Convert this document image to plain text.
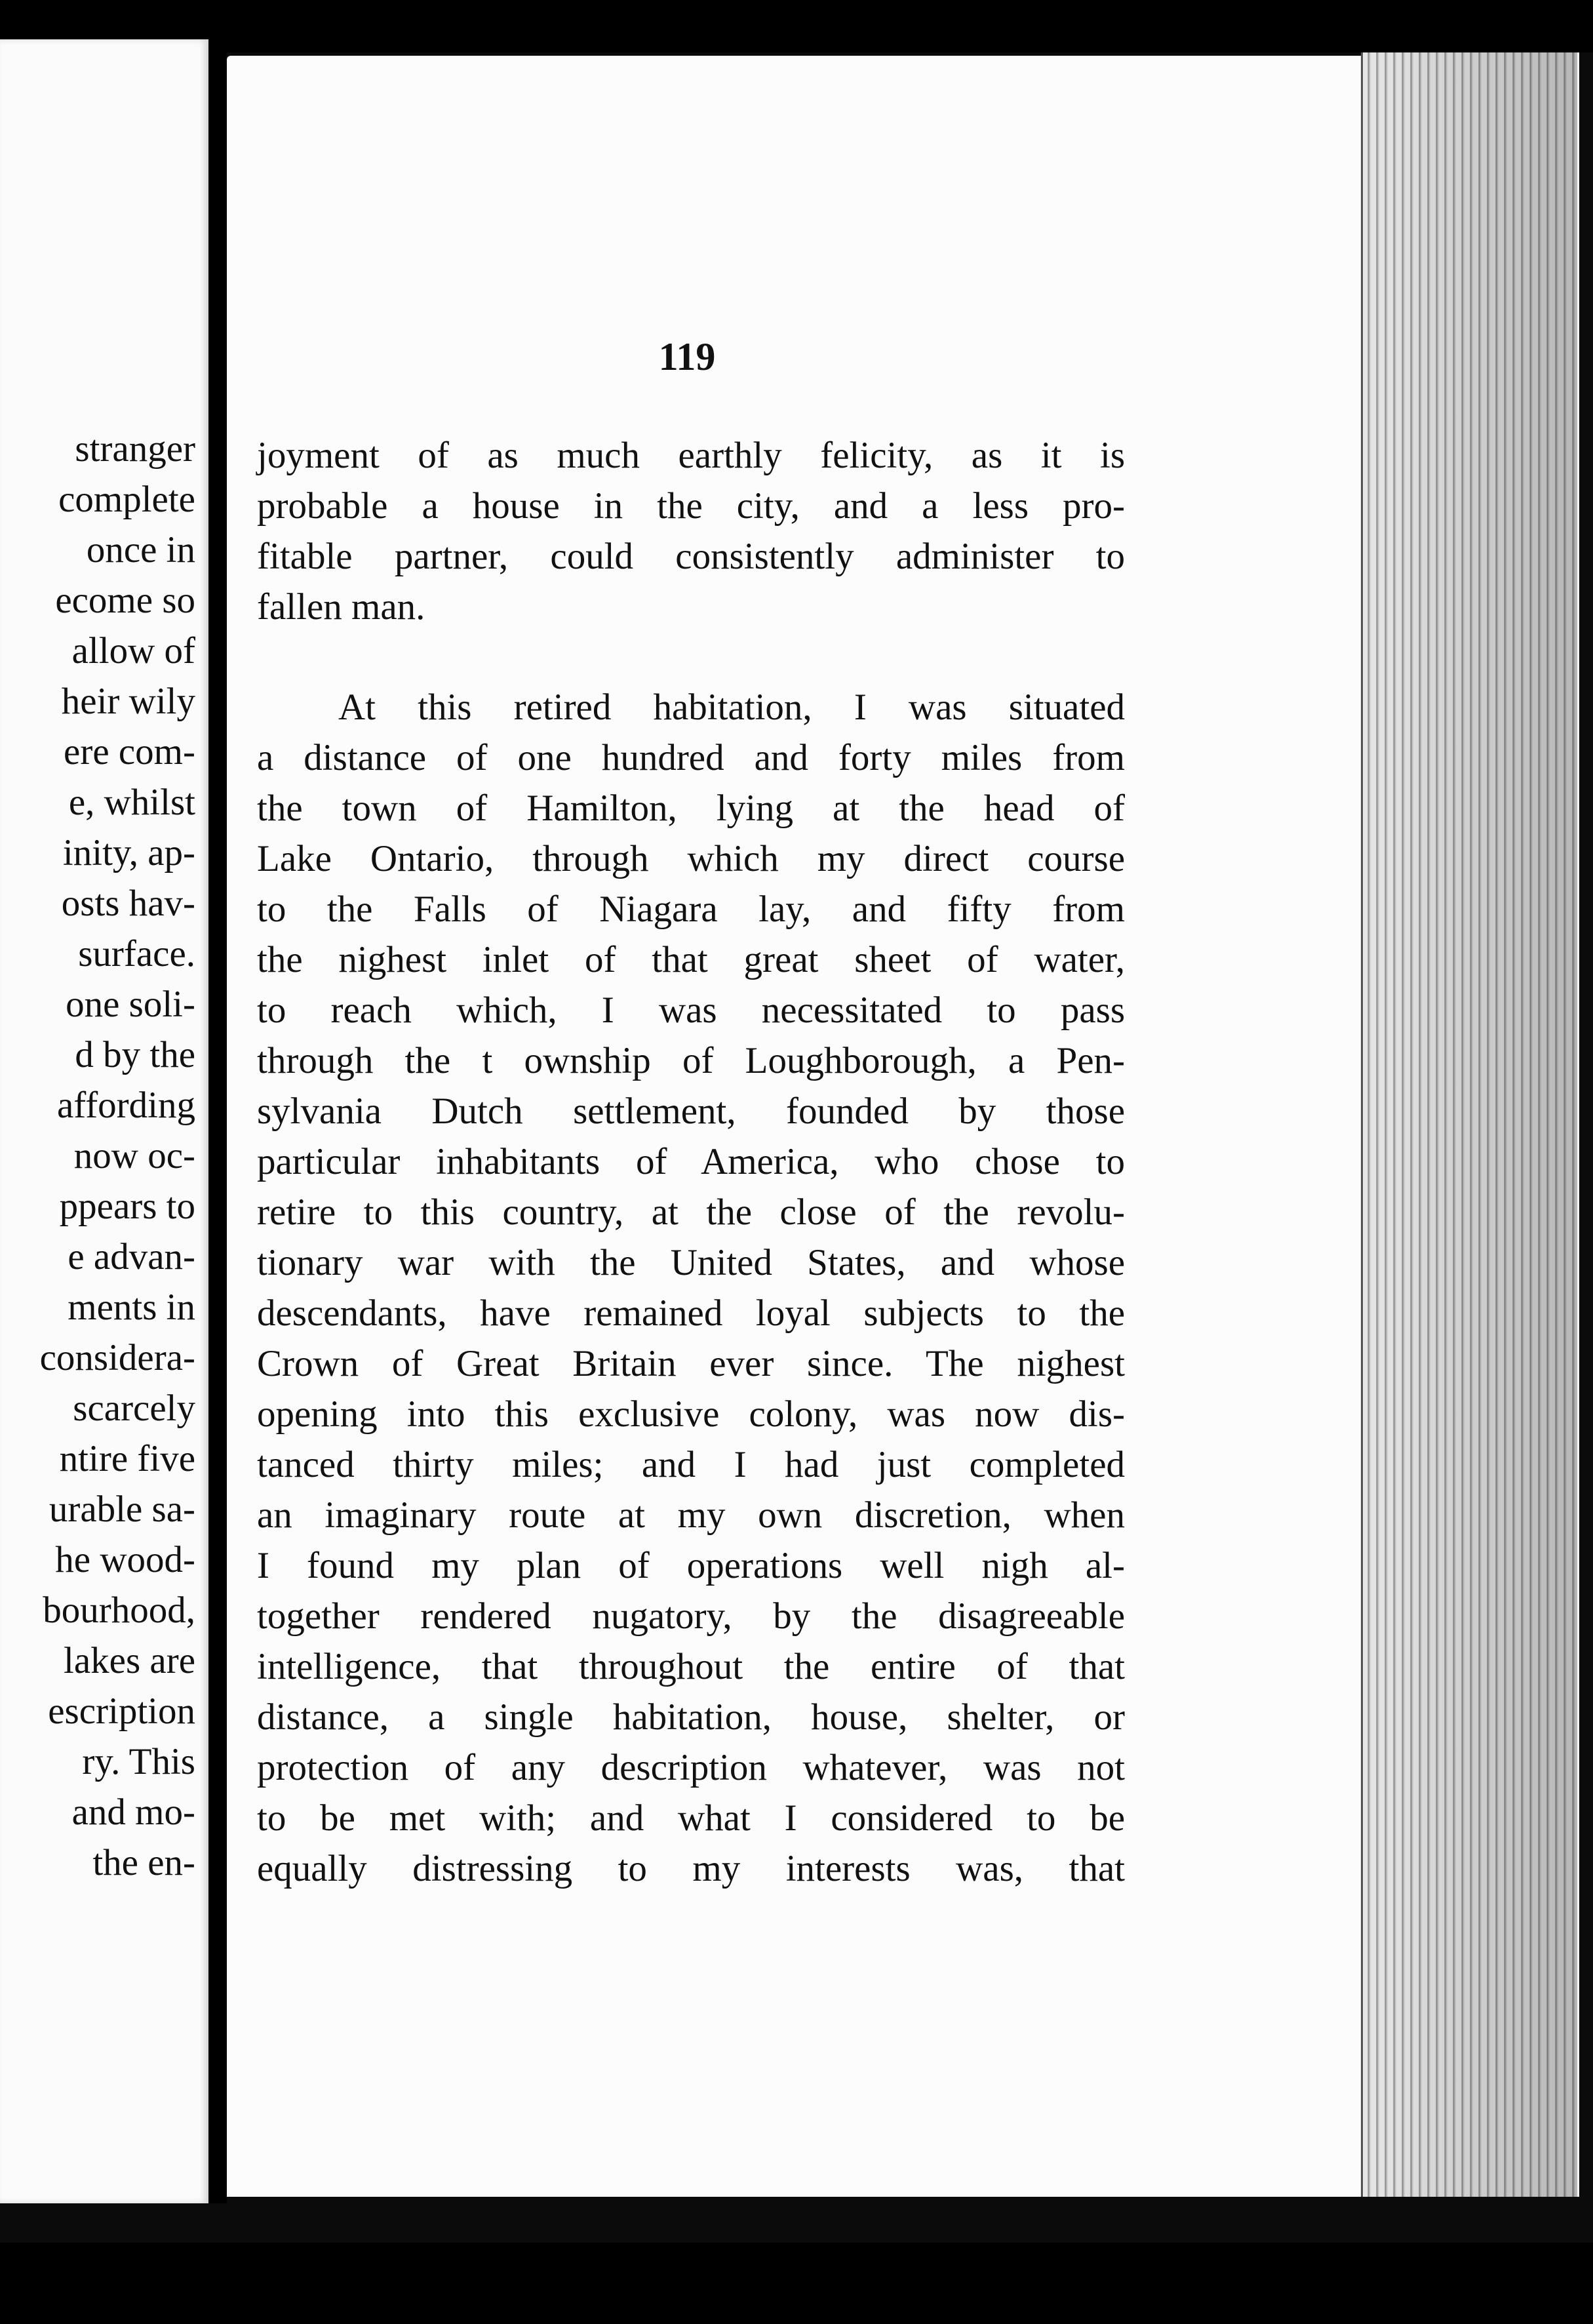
stranger
complete
once in
ecome so
allow of
heir wily
ere com-
e, whilst
inity, ap-
osts hav-
surface.
one soli-
d by the
affording
now oc-
ppears to
e advan-
ments in
considera-
scarcely
ntire five
urable sa-
he wood-
bourhood,
lakes are
escription
ry. This
and mo-
the en-
119
joyment of as much earthly felicity, as it is
probable a house in the city, and a less pro-
fitable partner, could consistently administer to
fallen man.
At this retired habitation, I was situated
a distance of one hundred and forty miles from
the town of Hamilton, lying at the head of
Lake Ontario, through which my direct course
to the Falls of Niagara lay, and fifty from
the nighest inlet of that great sheet of water,
to reach which, I was necessitated to pass
through the t ownship of Loughborough, a Pen-
sylvania Dutch settlement, founded by those
particular inhabitants of America, who chose to
retire to this country, at the close of the revolu-
tionary war with the United States, and whose
descendants, have remained loyal subjects to the
Crown of Great Britain ever since. The nighest
opening into this exclusive colony, was now dis-
tanced thirty miles; and I had just completed
an imaginary route at my own discretion, when
I found my plan of operations well nigh al-
together rendered nugatory, by the disagreeable
intelligence, that throughout the entire of that
distance, a single habitation, house, shelter, or
protection of any description whatever, was not
to be met with; and what I considered to be
equally distressing to my interests was, that
